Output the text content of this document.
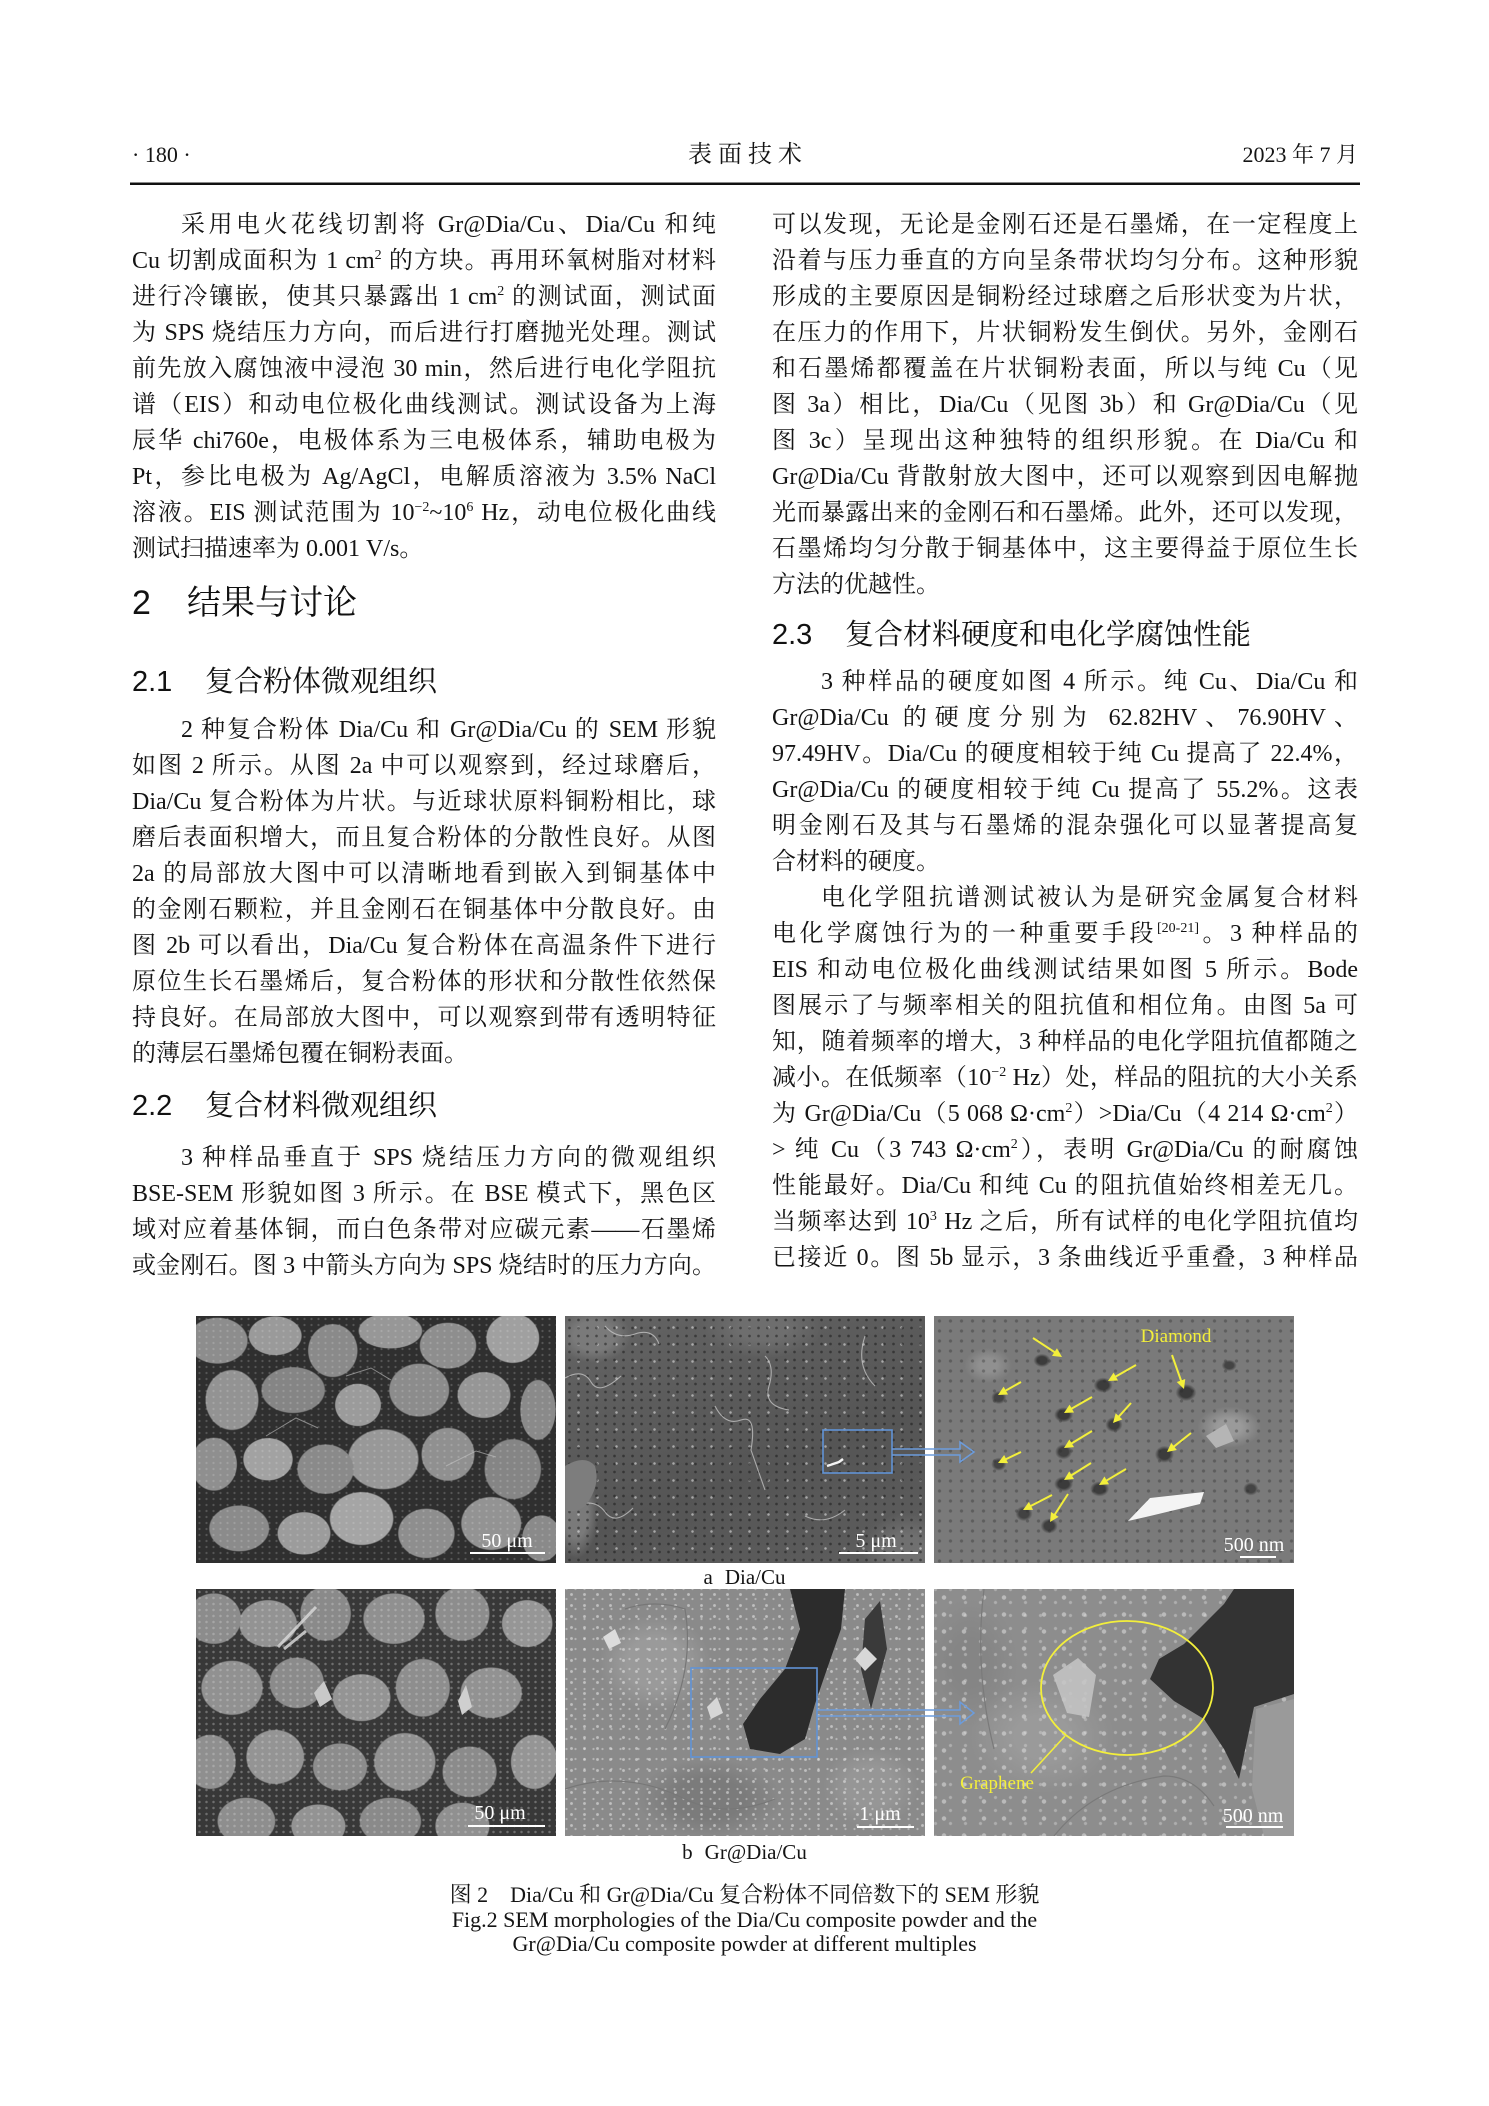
· 180 ·	表 面 技 术	2023 年 7 月
采用电火花线切割将 Gr@Dia/Cu、Dia/Cu 和纯
Cu 切割成面积为 1 $cm^2$ 的方块。再用环氧树脂对材料
进行冷镶嵌，使其只暴露出 1 $cm^2$ 的测试面，测试面
为 SPS 烧结压力方向，而后进行打磨抛光处理。测试
前先放入腐蚀液中浸泡 30 min，然后进行电化学阻抗
谱（EIS）和动电位极化曲线测试。测试设备为上海
辰华 chi760e，电极体系为三电极体系，辅助电极为
Pt，参比电极为 Ag/AgCl，电解质溶液为 3.5% NaCl
溶液。EIS 测试范围为 $10^{-2}\sim 10^6$ Hz，动电位极化曲线
测试扫描速率为 0.001 V/s。
2 结果与讨论
2.1 复合粉体微观组织
2 种复合粉体 Dia/Cu 和 Gr@Dia/Cu 的 SEM 形貌
如图 2 所示。从图 2a 中可以观察到，经过球磨后，
Dia/Cu 复合粉体为片状。与近球状原料铜粉相比，球
磨后表面积增大，而且复合粉体的分散性良好。从图
2a 的局部放大图中可以清晰地看到嵌入到铜基体中
的金刚石颗粒，并且金刚石在铜基体中分散良好。由
图 2b 可以看出，Dia/Cu 复合粉体在高温条件下进行
原位生长石墨烯后，复合粉体的形状和分散性依然保
持良好。在局部放大图中，可以观察到带有透明特征
的薄层石墨烯包覆在铜粉表面。
2.2 复合材料微观组织
3 种样品垂直于 SPS 烧结压力方向的微观组织
BSE-SEM 形貌如图 3 所示。在 BSE 模式下，黑色区
域对应着基体铜，而白色条带对应碳元素——石墨烯
或金刚石。图 3 中箭头方向为 SPS 烧结时的压力方向。
可以发现，无论是金刚石还是石墨烯，在一定程度上
沿着与压力垂直的方向呈条带状均匀分布。这种形貌
形成的主要原因是铜粉经过球磨之后形状变为片状，
在压力的作用下，片状铜粉发生倒伏。另外，金刚石
和石墨烯都覆盖在片状铜粉表面，所以与纯 Cu（见
图 3a）相比，Dia/Cu（见图 3b）和 Gr@Dia/Cu（见
图 3c）呈现出这种独特的组织形貌。在 Dia/Cu 和
Gr@Dia/Cu 背散射放大图中，还可以观察到因电解抛
光而暴露出来的金刚石和石墨烯。此外，还可以发现，
石墨烯均匀分散于铜基体中，这主要得益于原位生长
方法的优越性。
2.3 复合材料硬度和电化学腐蚀性能
3 种样品的硬度如图 4 所示。纯 Cu、Dia/Cu 和
Gr@Dia/Cu 的硬度分别为 62.82HV、76.90HV、
97.49HV。Dia/Cu 的硬度相较于纯 Cu 提高了 22.4%，
Gr@Dia/Cu 的硬度相较于纯 Cu 提高了 55.2%。这表
明金刚石及其与石墨烯的混杂强化可以显著提高复
合材料的硬度。
电化学阻抗谱测试被认为是研究金属复合材料
电化学腐蚀行为的一种重要手段[20-21]。3 种样品的
EIS 和动电位极化曲线测试结果如图 5 所示。Bode
图展示了与频率相关的阻抗值和相位角。由图 5a 可
知，随着频率的增大，3 种样品的电化学阻抗值都随之
减小。在低频率（$10^{-2}$ Hz）处，样品的阻抗的大小关系
为 Gr@Dia/Cu（5 068 $\Omega\cdot cm^2)>Dia/Cu(4$ 214 $\Omega\cdot cm^2$）
> 纯 Cu（3 743 $\Omega\cdot cm^2$），表明 Gr@Dia/Cu 的耐腐蚀
性能最好。Dia/Cu 和纯 Cu 的阻抗值始终相差无几。
当频率达到 $10^3$ Hz 之后，所有试样的电化学阻抗值均
已接近 0。图 5b 显示，3 条曲线近乎重叠，3 种样品
50 μm	5 μm
Diamond
500 nm
a Dia/Cu
50 μm	1 μm
Graphene
500 nm
b Gr@Dia/Cu
图 2 Dia/Cu 和 Gr@Dia/Cu 复合粉体不同倍数下的 SEM 形貌
Fig.2 SEM morphologies of the Dia/Cu composite powder and the
Gr@Dia/Cu composite powder at different multiples
